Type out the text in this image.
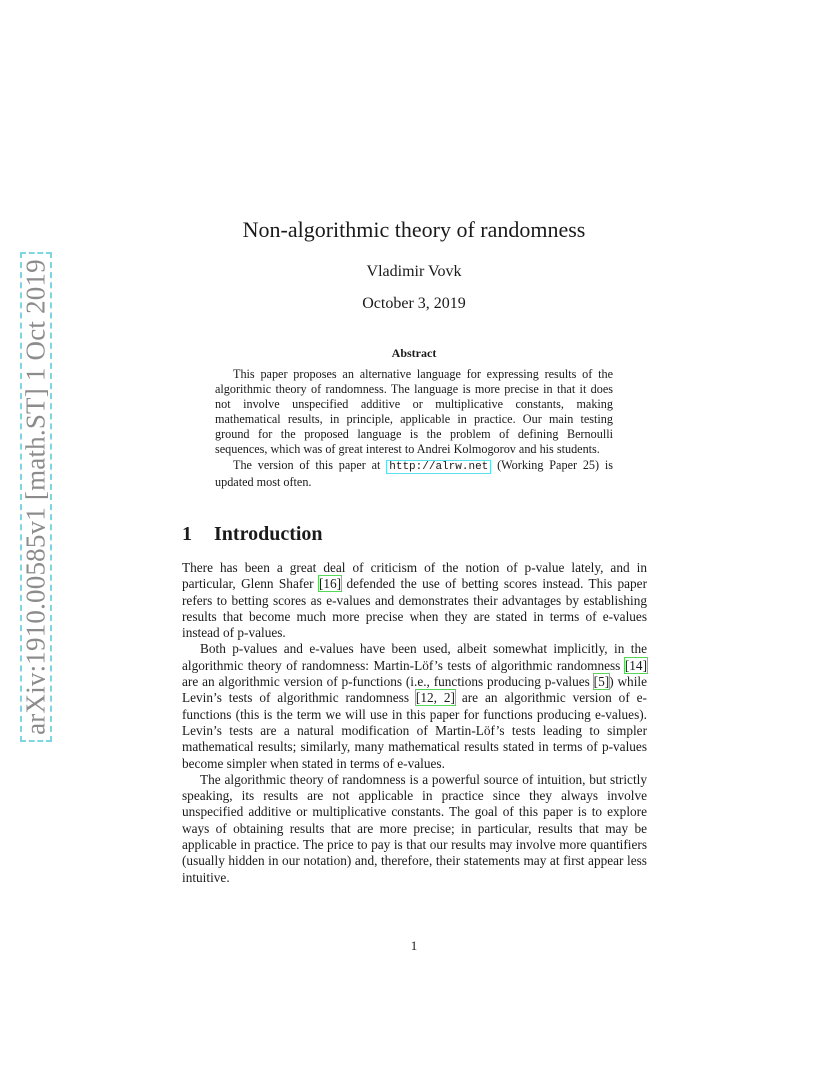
arXiv:1910.00585v1 [math.ST] 1 Oct 2019
Non-algorithmic theory of randomness
Vladimir Vovk
October 3, 2019
Abstract

This paper proposes an alternative language for expressing results of the algorithmic theory of randomness. The language is more precise in that it does not involve unspecified additive or multiplicative constants, making mathematical results, in principle, applicable in practice. Our main testing ground for the proposed language is the problem of defining Bernoulli sequences, which was of great interest to Andrei Kolmogorov and his students.

The version of this paper at http://alrw.net (Working Paper 25) is updated most often.

1 Introduction

There has been a great deal of criticism of the notion of p-value lately, and in particular, Glenn Shafer [16] defended the use of betting scores instead. This paper refers to betting scores as e-values and demonstrates their advantages by establishing results that become much more precise when they are stated in terms of e-values instead of p-values.

Both p-values and e-values have been used, albeit somewhat implicitly, in the algorithmic theory of randomness: Martin-Löf’s tests of algorithmic randomness [14] are an algorithmic version of p-functions (i.e., functions producing p-values [5]) while Levin’s tests of algorithmic randomness [12, 2] are an algorithmic version of e-functions (this is the term we will use in this paper for functions producing e-values). Levin’s tests are a natural modification of Martin-Löf’s tests leading to simpler mathematical results; similarly, many mathematical results stated in terms of p-values become simpler when stated in terms of e-values.

The algorithmic theory of randomness is a powerful source of intuition, but strictly speaking, its results are not applicable in practice since they always involve unspecified additive or multiplicative constants. The goal of this paper is to explore ways of obtaining results that are more precise; in particular, results that may be applicable in practice. The price to pay is that our results may involve more quantifiers (usually hidden in our notation) and, therefore, their statements may at first appear less intuitive.

1
